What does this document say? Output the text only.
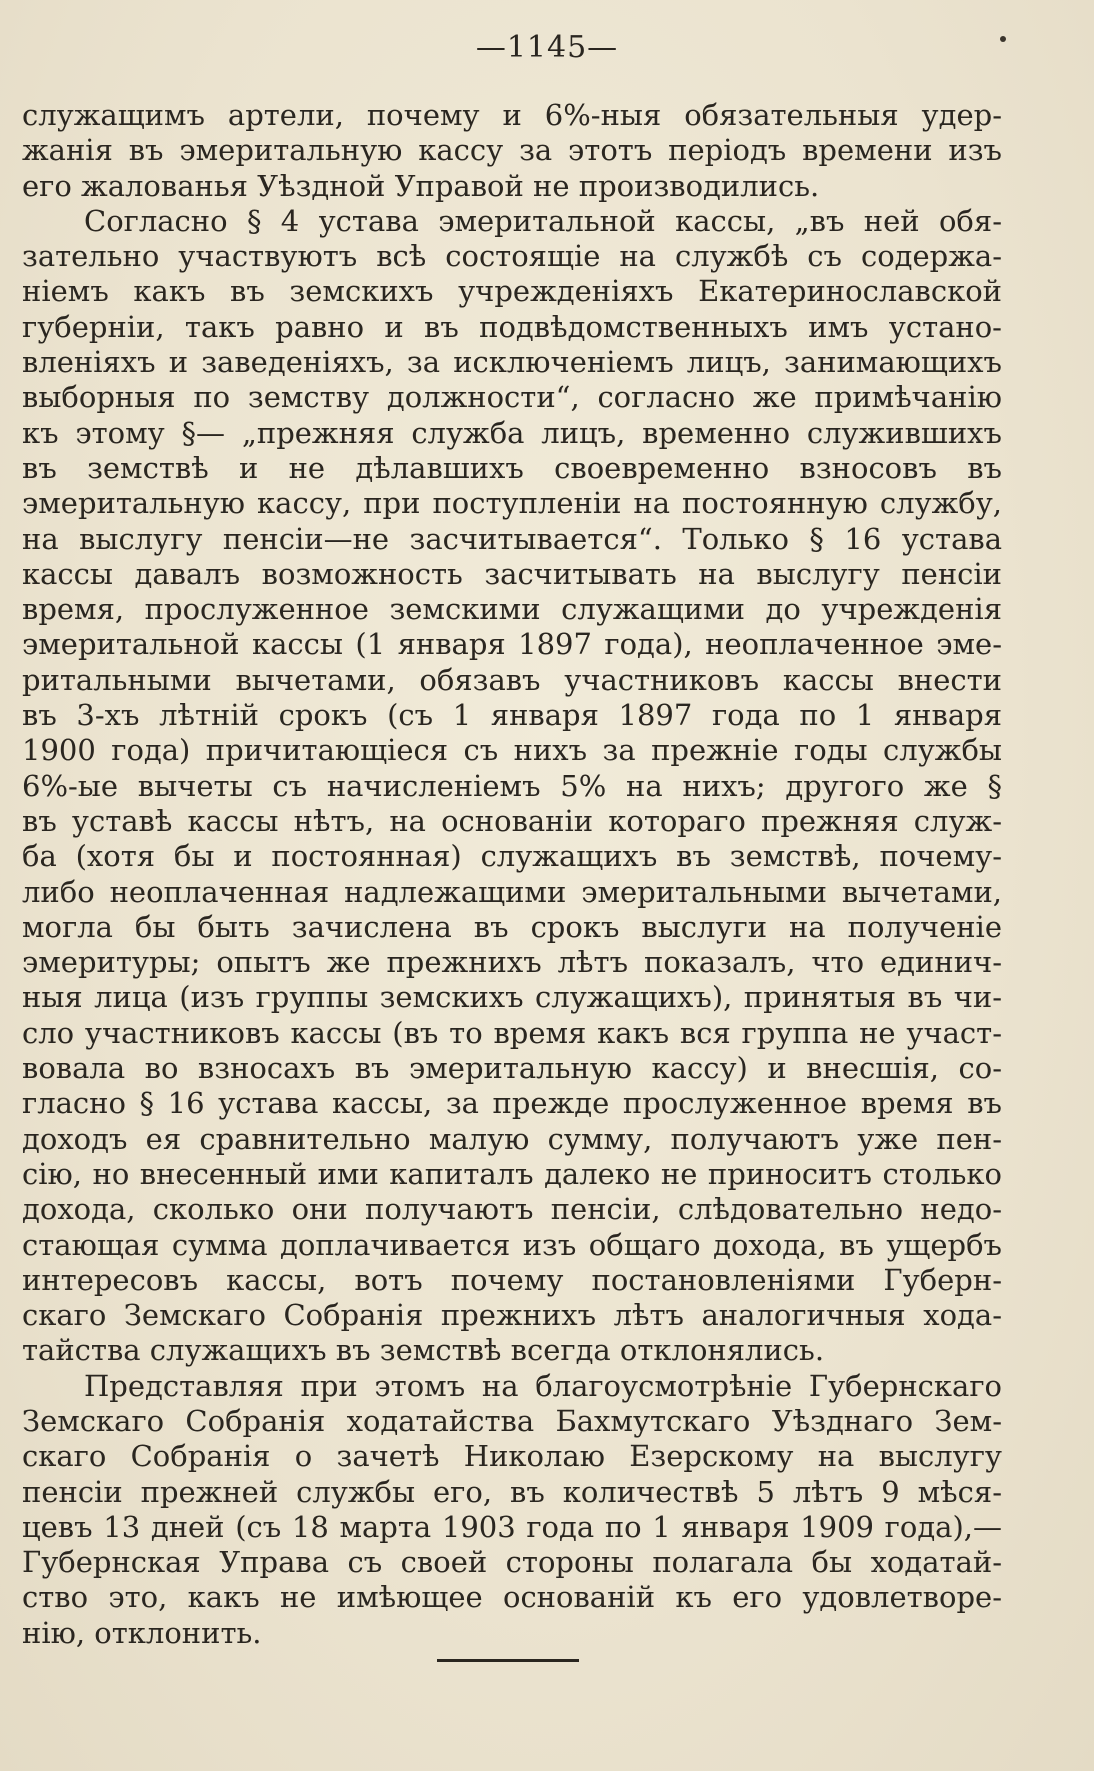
—1145—
служащимъ артели, почему и 6%-ныя обязательныя удер-
жанія въ эмеритальную кассу за этотъ періодъ времени изъ
его жалованья Уѣздной Управой не производились.
Согласно § 4 устава эмеритальной кассы, „въ ней обя-
зательно участвуютъ всѣ состоящіе на службѣ съ содержа-
ніемъ какъ въ земскихъ учрежденіяхъ Екатеринославской
губерніи, такъ равно и въ подвѣдомственныхъ имъ устано-
вленіяхъ и заведеніяхъ, за исключеніемъ лицъ, занимающихъ
выборныя по земству должности“, согласно же примѣчанію
къ этому §— „прежняя служба лицъ, временно служившихъ
въ земствѣ и не дѣлавшихъ своевременно взносовъ въ
эмеритальную кассу, при поступленіи на постоянную службу,
на выслугу пенсіи—не засчитывается“. Только § 16 устава
кассы давалъ возможность засчитывать на выслугу пенсіи
время, прослуженное земскими служащими до учрежденія
эмеритальной кассы (1 января 1897 года), неоплаченное эме-
ритальными вычетами, обязавъ участниковъ кассы внести
въ 3-хъ лѣтній срокъ (съ 1 января 1897 года по 1 января
1900 года) причитающіеся съ нихъ за прежніе годы службы
6%-ые вычеты съ начисленіемъ 5% на нихъ; другого же §
въ уставѣ кассы нѣтъ, на основаніи котораго прежняя служ-
ба (хотя бы и постоянная) служащихъ въ земствѣ, почему-
либо неоплаченная надлежащими эмеритальными вычетами,
могла бы быть зачислена въ срокъ выслуги на полученіе
эмеритуры; опытъ же прежнихъ лѣтъ показалъ, что единич-
ныя лица (изъ группы земскихъ служащихъ), принятыя въ чи-
сло участниковъ кассы (въ то время какъ вся группа не участ-
вовала во взносахъ въ эмеритальную кассу) и внесшія, со-
гласно § 16 устава кассы, за прежде прослуженное время въ
доходъ ея сравнительно малую сумму, получаютъ уже пен-
сію, но внесенный ими капиталъ далеко не приноситъ столько
дохода, сколько они получаютъ пенсіи, слѣдовательно недо-
стающая сумма доплачивается изъ общаго дохода, въ ущербъ
интересовъ кассы, вотъ почему постановленіями Губерн-
скаго Земскаго Собранія прежнихъ лѣтъ аналогичныя хода-
тайства служащихъ въ земствѣ всегда отклонялись.
Представляя при этомъ на благоусмотрѣніе Губернскаго
Земскаго Собранія ходатайства Бахмутскаго Уѣзднаго Зем-
скаго Собранія о зачетѣ Николаю Езерскому на выслугу
пенсіи прежней службы его, въ количествѣ 5 лѣтъ 9 мѣся-
цевъ 13 дней (съ 18 марта 1903 года по 1 января 1909 года),—
Губернская Управа съ своей стороны полагала бы ходатай-
ство это, какъ не имѣющее основаній къ его удовлетворе-
нію, отклонить.
